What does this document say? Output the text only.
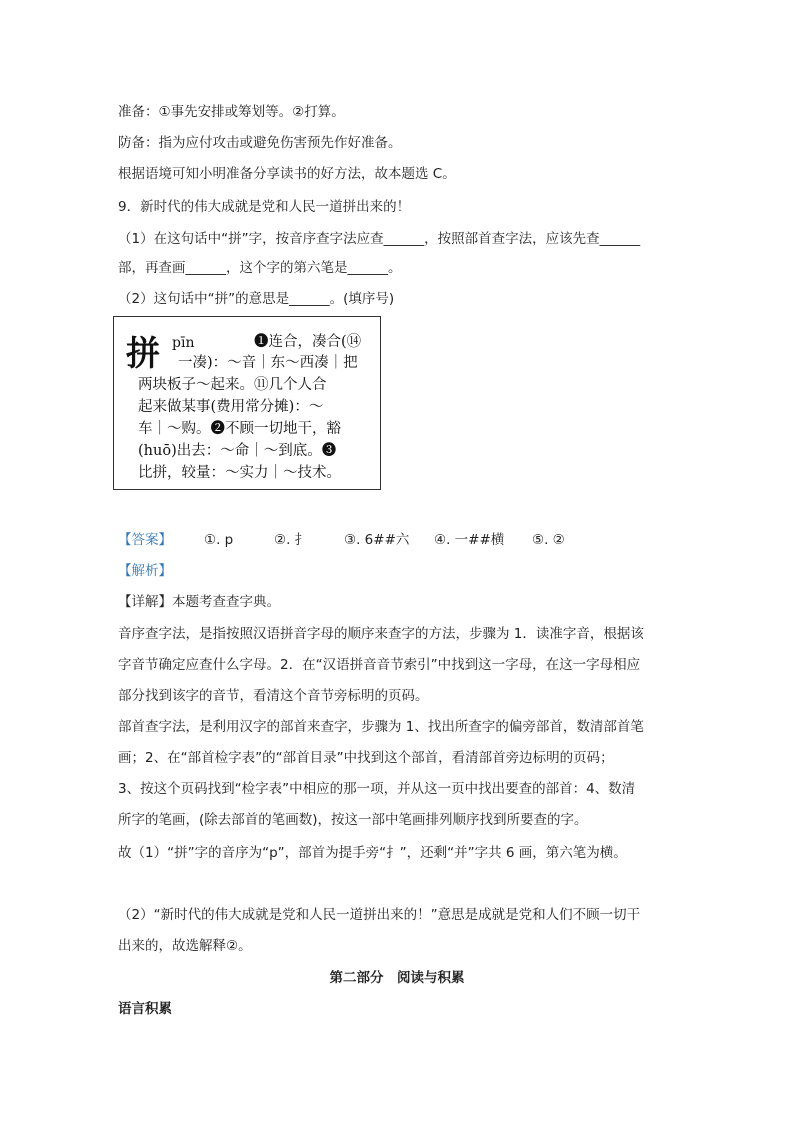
准备：①事先安排或筹划等。②打算。
防备：指为应付攻击或避免伤害预先作好准备。
根据语境可知小明准备分享读书的好方法，故本题选 C。
9．新时代的伟大成就是党和人民一道拼出来的！
（1）在这句话中“拼”字，按音序查字法应查______，按照部首查字法，应该先查______
部，再查画______，这个字的第六笔是______。
（2）这句话中“拼”的意思是______。(填序号)
拼 pīn	❶连合，凑合(⑭
一凑)：～音｜东～西凑｜把
两块板子～起来。⑪几个人合
起来做某事(费用常分摊)：～
车｜～购。❷不顾一切地干，豁
(huō)出去：～命｜～到底。❸
比拼，较量：～实力｜～技术。
【答案】 ①. p	②. 扌	③. 6##六 ④. 一##横 ⑤. ②
【解析】
【详解】本题考查查字典。
音序查字法，是指按照汉语拼音字母的顺序来查字的方法，步骤为 1．读准字音，根据该
字音节确定应查什么字母。2．在“汉语拼音音节索引”中找到这一字母，在这一字母相应
部分找到该字的音节，看清这个音节旁标明的页码。
部首查字法，是利用汉字的部首来查字，步骤为 1、找出所查字的偏旁部首，数清部首笔
画；2、在“部首检字表”的“部首目录”中找到这个部首，看清部首旁边标明的页码；
3、按这个页码找到“检字表”中相应的那一项，并从这一页中找出要查的部首：4、数清
所字的笔画，(除去部首的笔画数)，按这一部中笔画排列顺序找到所要查的字。
故（1）“拼”字的音序为“p”，部首为提手旁“扌”，还剩“并”字共 6 画，第六笔为横。
（2）“新时代的伟大成就是党和人民一道拼出来的！”意思是成就是党和人们不顾一切干
出来的，故选解释②。
第二部分　阅读与积累
语言积累
